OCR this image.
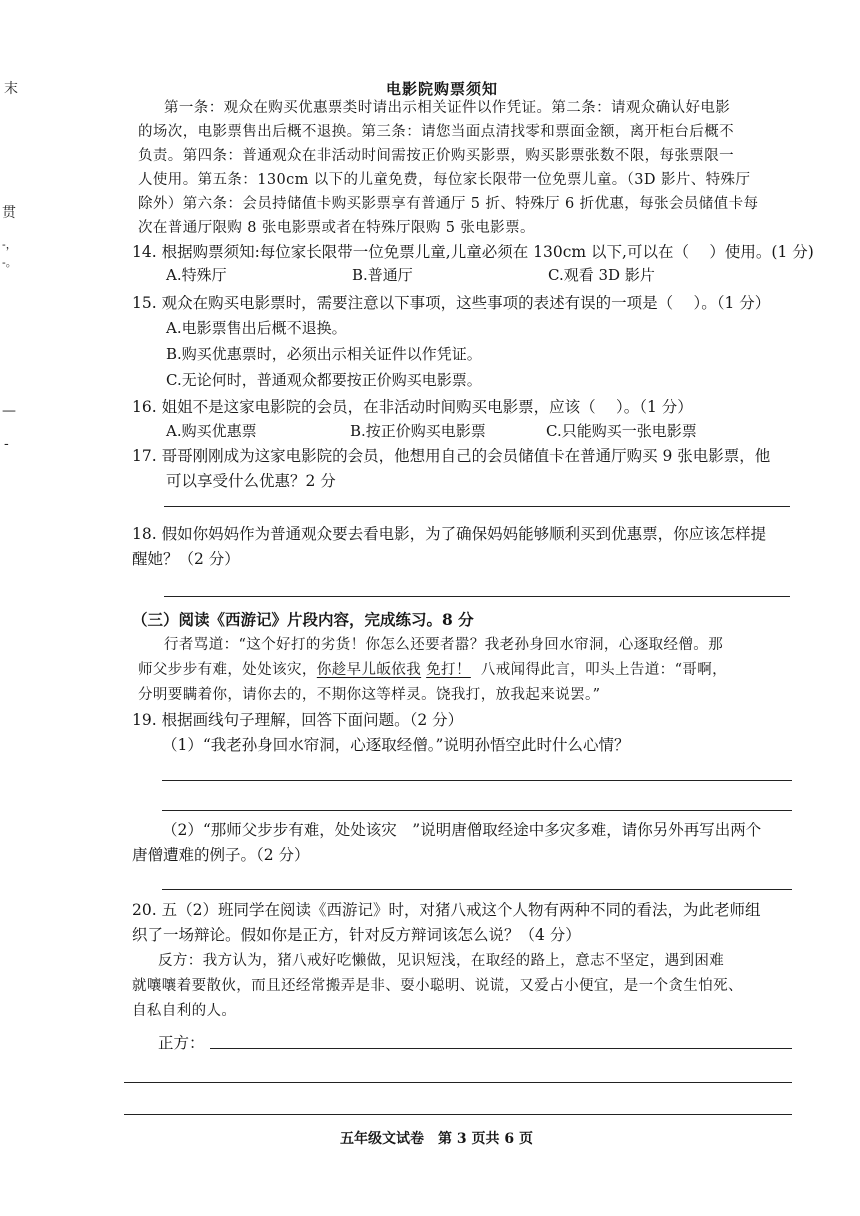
末
贯
-，
-。
—
-
电影院购票须知
第一条：观众在购买优惠票类时请出示相关证件以作凭证。第二条：请观众确认好电影
的场次，电影票售出后概不退换。第三条：请您当面点清找零和票面金额，离开柜台后概不
负责。第四条：普通观众在非活动时间需按正价购买影票，购买影票张数不限，每张票限一
人使用。第五条：130cm 以下的儿童免费，每位家长限带一位免票儿童。（3D 影片、特殊厅
除外）第六条：会员持储值卡购买影票享有普通厅 5 折、特殊厅 6 折优惠，每张会员储值卡每
次在普通厅限购 8 张电影票或者在特殊厅限购 5 张电影票。
14. 根据购票须知:每位家长限带一位免票儿童,儿童必须在 130cm 以下,可以在（　 ）使用。(1 分)
A.特殊厅	B.普通厅	C.观看 3D 影片
15. 观众在购买电影票时，需要注意以下事项，这些事项的表述有误的一项是（　 ）。（1 分）
A.电影票售出后概不退换。
B.购买优惠票时，必须出示相关证件以作凭证。
C.无论何时，普通观众都要按正价购买电影票。
16. 姐姐不是这家电影院的会员，在非活动时间购买电影票，应该（　 ）。（1 分）
A.购买优惠票	B.按正价购买电影票	C.只能购买一张电影票
17. 哥哥刚刚成为这家电影院的会员，他想用自己的会员储值卡在普通厅购买 9 张电影票，他
可以享受什么优惠？2 分
18. 假如你妈妈作为普通观众要去看电影，为了确保妈妈能够顺利买到优惠票，你应该怎样提
醒她？（2 分）
（三）阅读《西游记》片段内容，完成练习。8 分
行者骂道：“这个好打的劣货！你怎么还要者嚣？我老孙身回水帘洞，心逐取经僧。那
师父步步有难，处处该灾，你趁早儿皈依我 免打！ 八戒闻得此言，叩头上告道：“哥啊，
分明要瞒着你，请你去的，不期你这等样灵。饶我打，放我起来说罢。”
19. 根据画线句子理解，回答下面问题。（2 分）
（1）“我老孙身回水帘洞，心逐取经僧。”说明孙悟空此时什么心情？
（2）“那师父步步有难，处处该灾　”说明唐僧取经途中多灾多难，请你另外再写出两个
唐僧遭难的例子。（2 分）
20. 五（2）班同学在阅读《西游记》时，对猪八戒这个人物有两种不同的看法，为此老师组
织了一场辩论。假如你是正方，针对反方辩词该怎么说？（4 分）
反方：我方认为，猪八戒好吃懒做，见识短浅，在取经的路上，意志不坚定，遇到困难
就嚷嚷着要散伙，而且还经常搬弄是非、耍小聪明、说谎，又爱占小便宜，是一个贪生怕死、
自私自利的人。
正方：
五年级文试卷　第 3 页共 6 页
